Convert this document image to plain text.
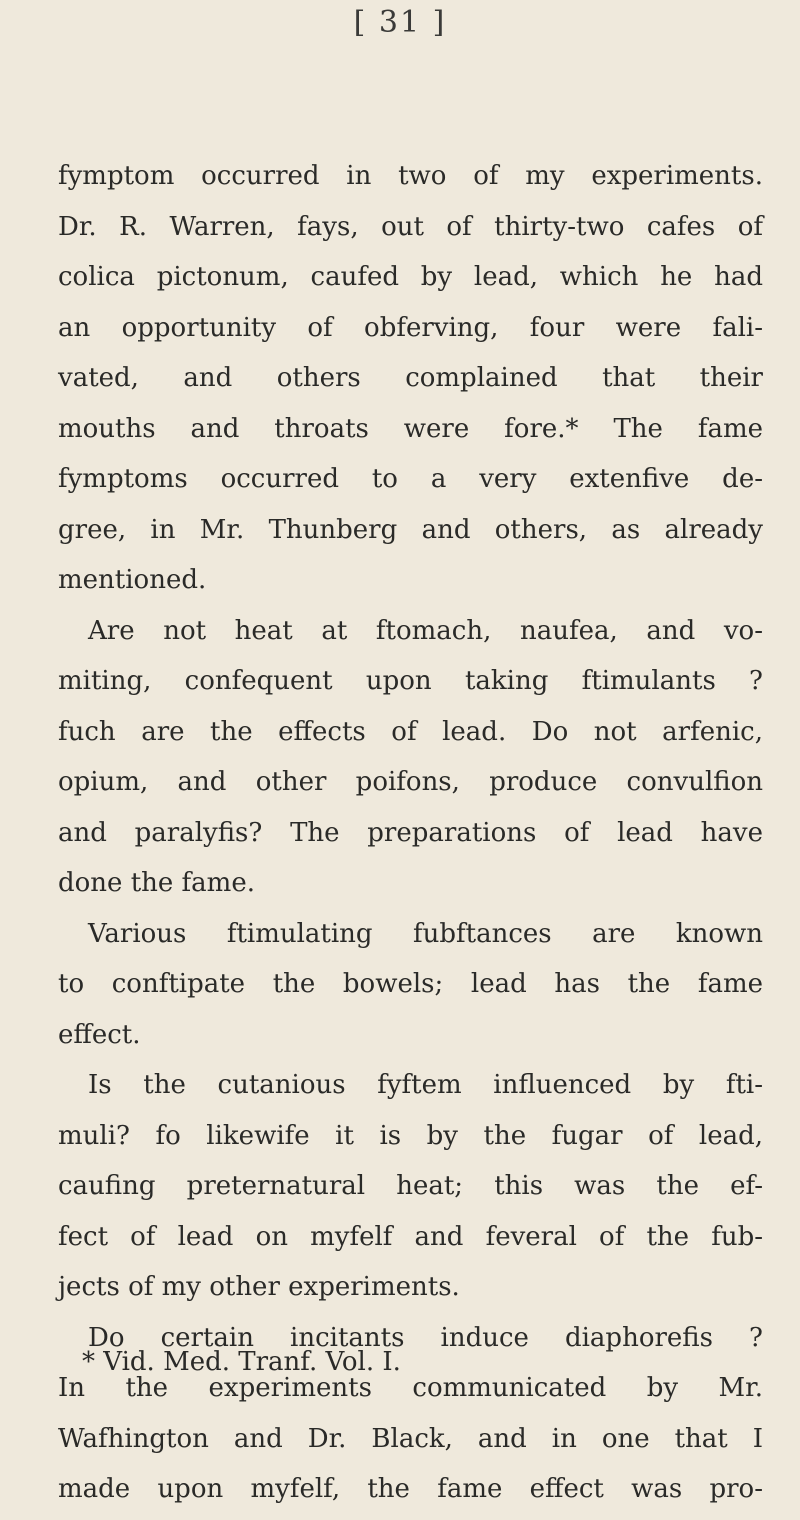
[ 31 ]
fymptom occurred in two of my experiments.
Dr. R. Warren, fays, out of thirty-two cafes of
colica pictonum, caufed by lead, which he had
an opportunity of obferving, four were fali-
vated, and others complained that their
mouths and throats were fore.* The fame
fymptoms occurred to a very extenfive de-
gree, in Mr. Thunberg and others, as already
mentioned.
Are not heat at ftomach, naufea, and vo-
miting, confequent upon taking ftimulants ?
fuch are the effects of lead. Do not arfenic,
opium, and other poifons, produce convulfion
and paralyfis? The preparations of lead have
done the fame.
Various ftimulating fubftances are known
to conftipate the bowels; lead has the fame
effect.
Is the cutanious fyftem influenced by fti-
muli? fo likewife it is by the fugar of lead,
caufing preternatural heat; this was the ef-
fect of lead on myfelf and feveral of the fub-
jects of my other experiments.
Do certain incitants induce diaphorefis ?
In the experiments communicated by Mr.
Wafhington and Dr. Black, and in one that I
made upon myfelf, the fame effect was pro-
* Vid. Med. Tranf. Vol. I.
